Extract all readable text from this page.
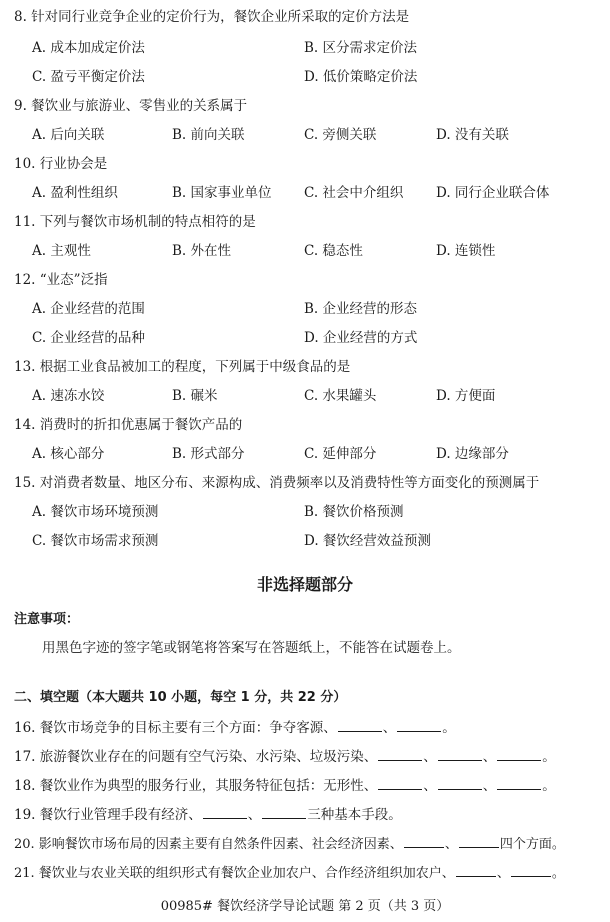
8. 针对同行业竞争企业的定价行为，餐饮企业所采取的定价方法是
A. 成本加成定价法	B. 区分需求定价法
C. 盈亏平衡定价法	D. 低价策略定价法
9. 餐饮业与旅游业、零售业的关系属于
A. 后向关联	B. 前向关联	C. 旁侧关联	D. 没有关联
10. 行业协会是
A. 盈利性组织	B. 国家事业单位 C. 社会中介组织 D. 同行企业联合体
11. 下列与餐饮市场机制的特点相符的是
A. 主观性	B. 外在性	C. 稳态性	D. 连锁性
12. “业态”泛指
A. 企业经营的范围	B. 企业经营的形态
C. 企业经营的品种	D. 企业经营的方式
13. 根据工业食品被加工的程度，下列属于中级食品的是
A. 速冻水饺	B. 碾米	C. 水果罐头	D. 方便面
14. 消费时的折扣优惠属于餐饮产品的
A. 核心部分	B. 形式部分	C. 延伸部分	D. 边缘部分
15. 对消费者数量、地区分布、来源构成、消费频率以及消费特性等方面变化的预测属于
A. 餐饮市场环境预测	B. 餐饮价格预测
C. 餐饮市场需求预测	D. 餐饮经营效益预测
非选择题部分
注意事项：
用黑色字迹的签字笔或钢笔将答案写在答题纸上，不能答在试题卷上。
二、填空题（本大题共 10 小题，每空 1 分，共 22 分）
16. 餐饮市场竞争的目标主要有三个方面：争夺客源、	、	。
17. 旅游餐饮业存在的问题有空气污染、水污染、垃圾污染、	、	、	。
18. 餐饮业作为典型的服务行业，其服务特征包括：无形性、	、	、	。
19. 餐饮行业管理手段有经济、	、	三种基本手段。
20. 影响餐饮市场布局的因素主要有自然条件因素、社会经济因素、	、	四个方面。
21. 餐饮业与农业关联的组织形式有餐饮企业加农户、合作经济组织加农户、	、	。
00985# 餐饮经济学导论试题 第 2 页（共 3 页）
